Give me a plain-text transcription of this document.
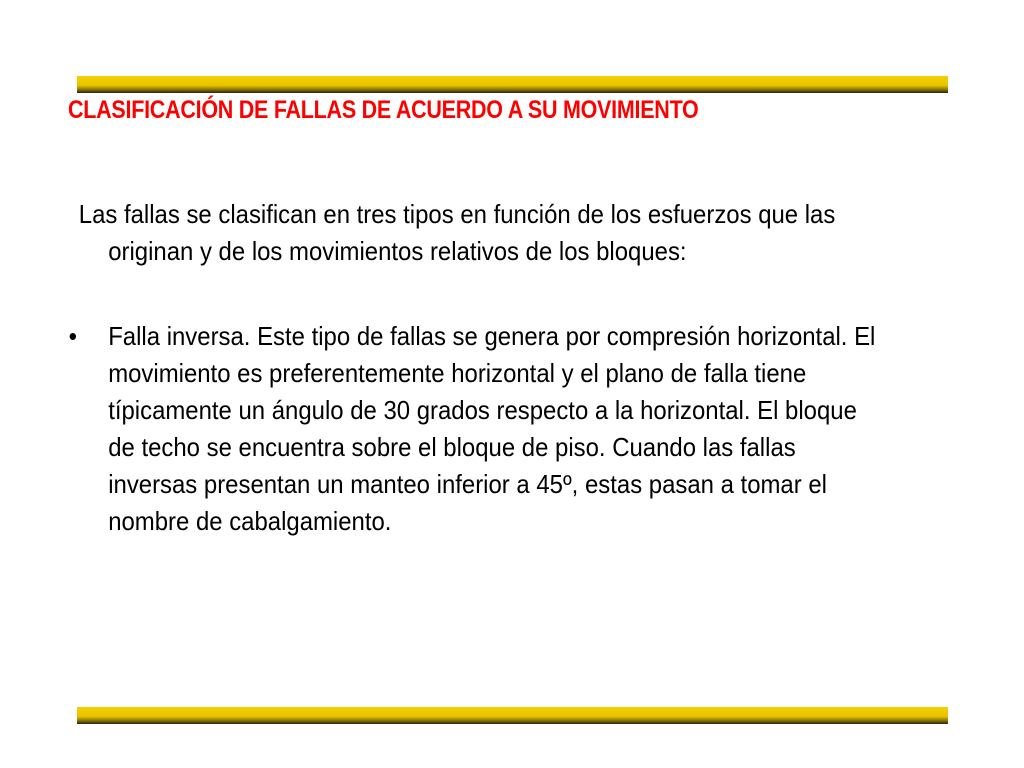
CLASIFICACIÓN DE FALLAS DE ACUERDO A SU MOVIMIENTO

Las fallas se clasifican en tres tipos en función de los esfuerzos que las originan y de los movimientos relativos de los bloques:

• Falla inversa. Este tipo de fallas se genera por compresión horizontal. El movimiento es preferentemente horizontal y el plano de falla tiene típicamente un ángulo de 30 grados respecto a la horizontal. El bloque de techo se encuentra sobre el bloque de piso. Cuando las fallas inversas presentan un manteo inferior a 45º, estas pasan a tomar el nombre de cabalgamiento.
